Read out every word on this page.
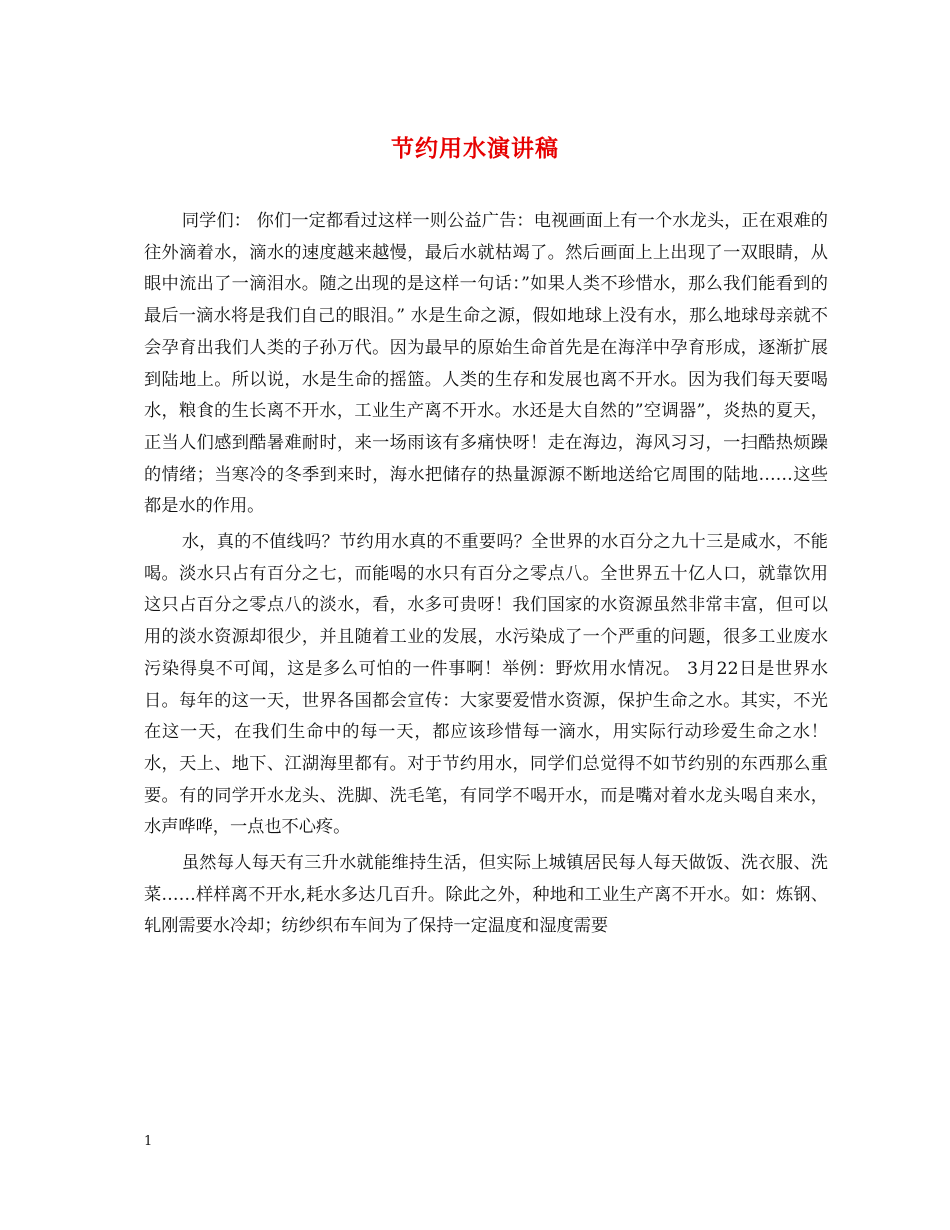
节约用水演讲稿

同学们： 你们一定都看过这样一则公益广告：电视画面上有一个水龙头，正在艰难的往外滴着水，滴水的速度越来越慢，最后水就枯竭了。然后画面上上出现了一双眼睛，从眼中流出了一滴泪水。随之出现的是这样一句话：”如果人类不珍惜水，那么我们能看到的最后一滴水将是我们自己的眼泪。” 水是生命之源，假如地球上没有水，那么地球母亲就不会孕育出我们人类的子孙万代。因为最早的原始生命首先是在海洋中孕育形成，逐渐扩展到陆地上。所以说，水是生命的摇篮。人类的生存和发展也离不开水。因为我们每天要喝水，粮食的生长离不开水，工业生产离不开水。水还是大自然的”空调器”，炎热的夏天，正当人们感到酷暑难耐时，来一场雨该有多痛快呀！走在海边，海风习习，一扫酷热烦躁的情绪；当寒冷的冬季到来时，海水把储存的热量源源不断地送给它周围的陆地……这些都是水的作用。

水，真的不值线吗？节约用水真的不重要吗？全世界的水百分之九十三是咸水，不能喝。淡水只占有百分之七，而能喝的水只有百分之零点八。全世界五十亿人口，就靠饮用这只占百分之零点八的淡水，看，水多可贵呀！我们国家的水资源虽然非常丰富，但可以用的淡水资源却很少，并且随着工业的发展，水污染成了一个严重的问题，很多工业废水污染得臭不可闻，这是多么可怕的一件事啊！举例：野炊用水情况。 3月22日是世界水日。每年的这一天，世界各国都会宣传：大家要爱惜水资源，保护生命之水。其实，不光在这一天，在我们生命中的每一天，都应该珍惜每一滴水，用实际行动珍爱生命之水！ 水，天上、地下、江湖海里都有。对于节约用水，同学们总觉得不如节约别的东西那么重要。有的同学开水龙头、洗脚、洗毛笔，有同学不喝开水，而是嘴对着水龙头喝自来水，水声哗哗，一点也不心疼。

虽然每人每天有三升水就能维持生活，但实际上城镇居民每人每天做饭、洗衣服、洗菜……样样离不开水,耗水多达几百升。除此之外，种地和工业生产离不开水。如：炼钢、轧刚需要水冷却；纺纱织布车间为了保持一定温度和湿度需要

1
